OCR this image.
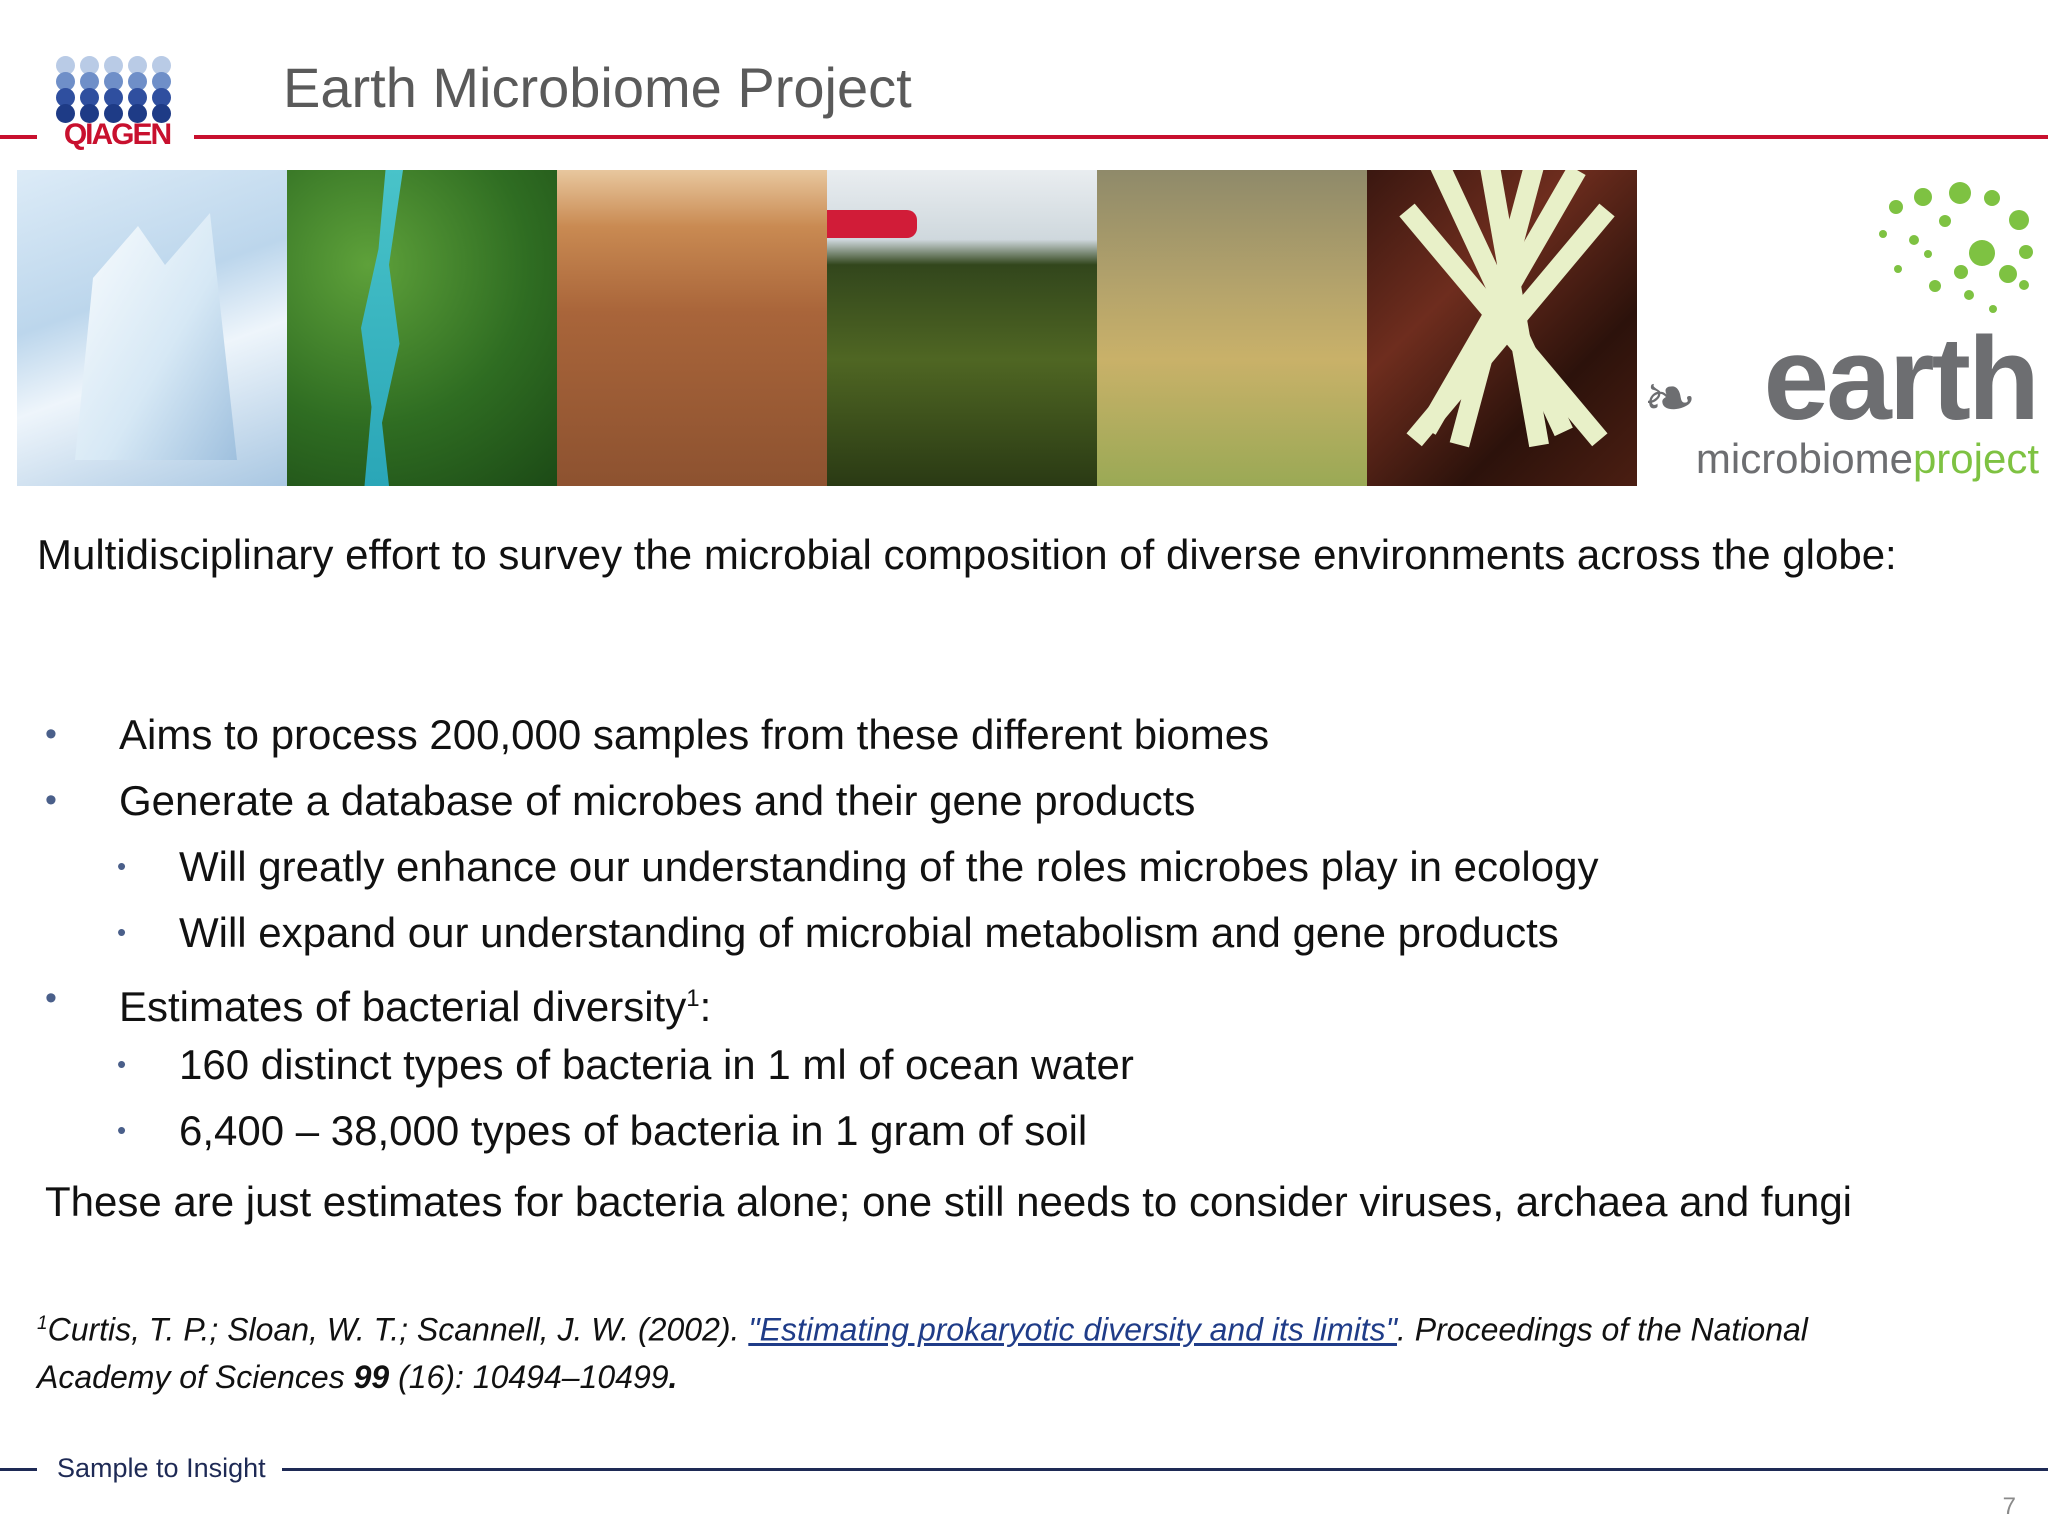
QIAGEN
Earth Microbiome Project
❧ earth
microbiomeproject
Multidisciplinary effort to survey the microbial composition of diverse environments across the globe:
• Aims to process 200,000 samples from these different biomes
• Generate a database of microbes and their gene products
• Will greatly enhance our understanding of the roles microbes play in ecology
• Will expand our understanding of microbial metabolism and gene products
• Estimates of bacterial diversity$^1$:
• 160 distinct types of bacteria in 1 ml of ocean water
• 6,400 – 38,000 types of bacteria in 1 gram of soil
These are just estimates for bacteria alone; one still needs to consider viruses, archaea and fungi
$^1$Curtis, T. P.; Sloan, W. T.; Scannell, J. W. (2002). "Estimating prokaryotic diversity and its limits". Proceedings of the National Academy of Sciences 99 (16): 10494–10499.
Sample to Insight
7
